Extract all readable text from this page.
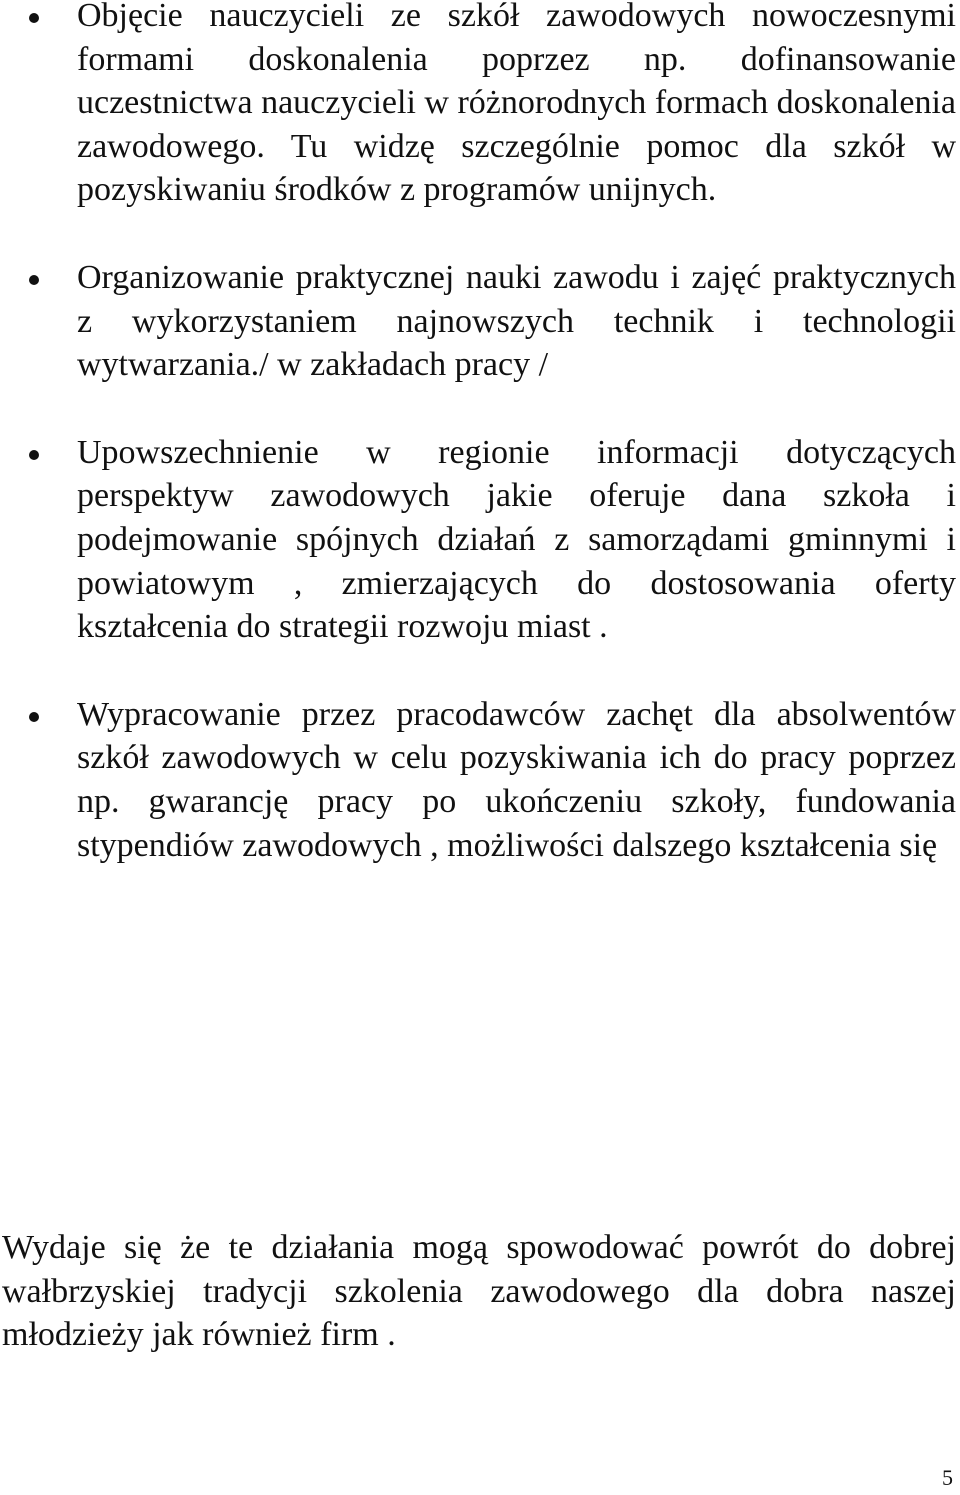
Objęcie nauczycieli ze szkół zawodowych nowoczesnymi formami doskonalenia poprzez np. dofinansowanie uczestnictwa nauczycieli w różnorodnych formach doskonalenia zawodowego. Tu widzę szczególnie pomoc dla szkół w pozyskiwaniu środków z programów unijnych.
Organizowanie praktycznej nauki zawodu i zajęć praktycznych z wykorzystaniem najnowszych technik i technologii wytwarzania./ w zakładach pracy /
Upowszechnienie w regionie informacji dotyczących perspektyw zawodowych jakie oferuje dana szkoła i podejmowanie spójnych działań z samorządami gminnymi i powiatowym , zmierzających do dostosowania oferty kształcenia do strategii rozwoju miast .
Wypracowanie przez pracodawców zachęt dla absolwentów szkół zawodowych w celu pozyskiwania ich do pracy poprzez np. gwarancję pracy po ukończeniu szkoły, fundowania stypendiów zawodowych , możliwości dalszego kształcenia się

Wydaje się że te działania mogą spowodować powrót do dobrej wałbrzyskiej tradycji szkolenia zawodowego dla dobra naszej młodzieży jak również firm .

5
